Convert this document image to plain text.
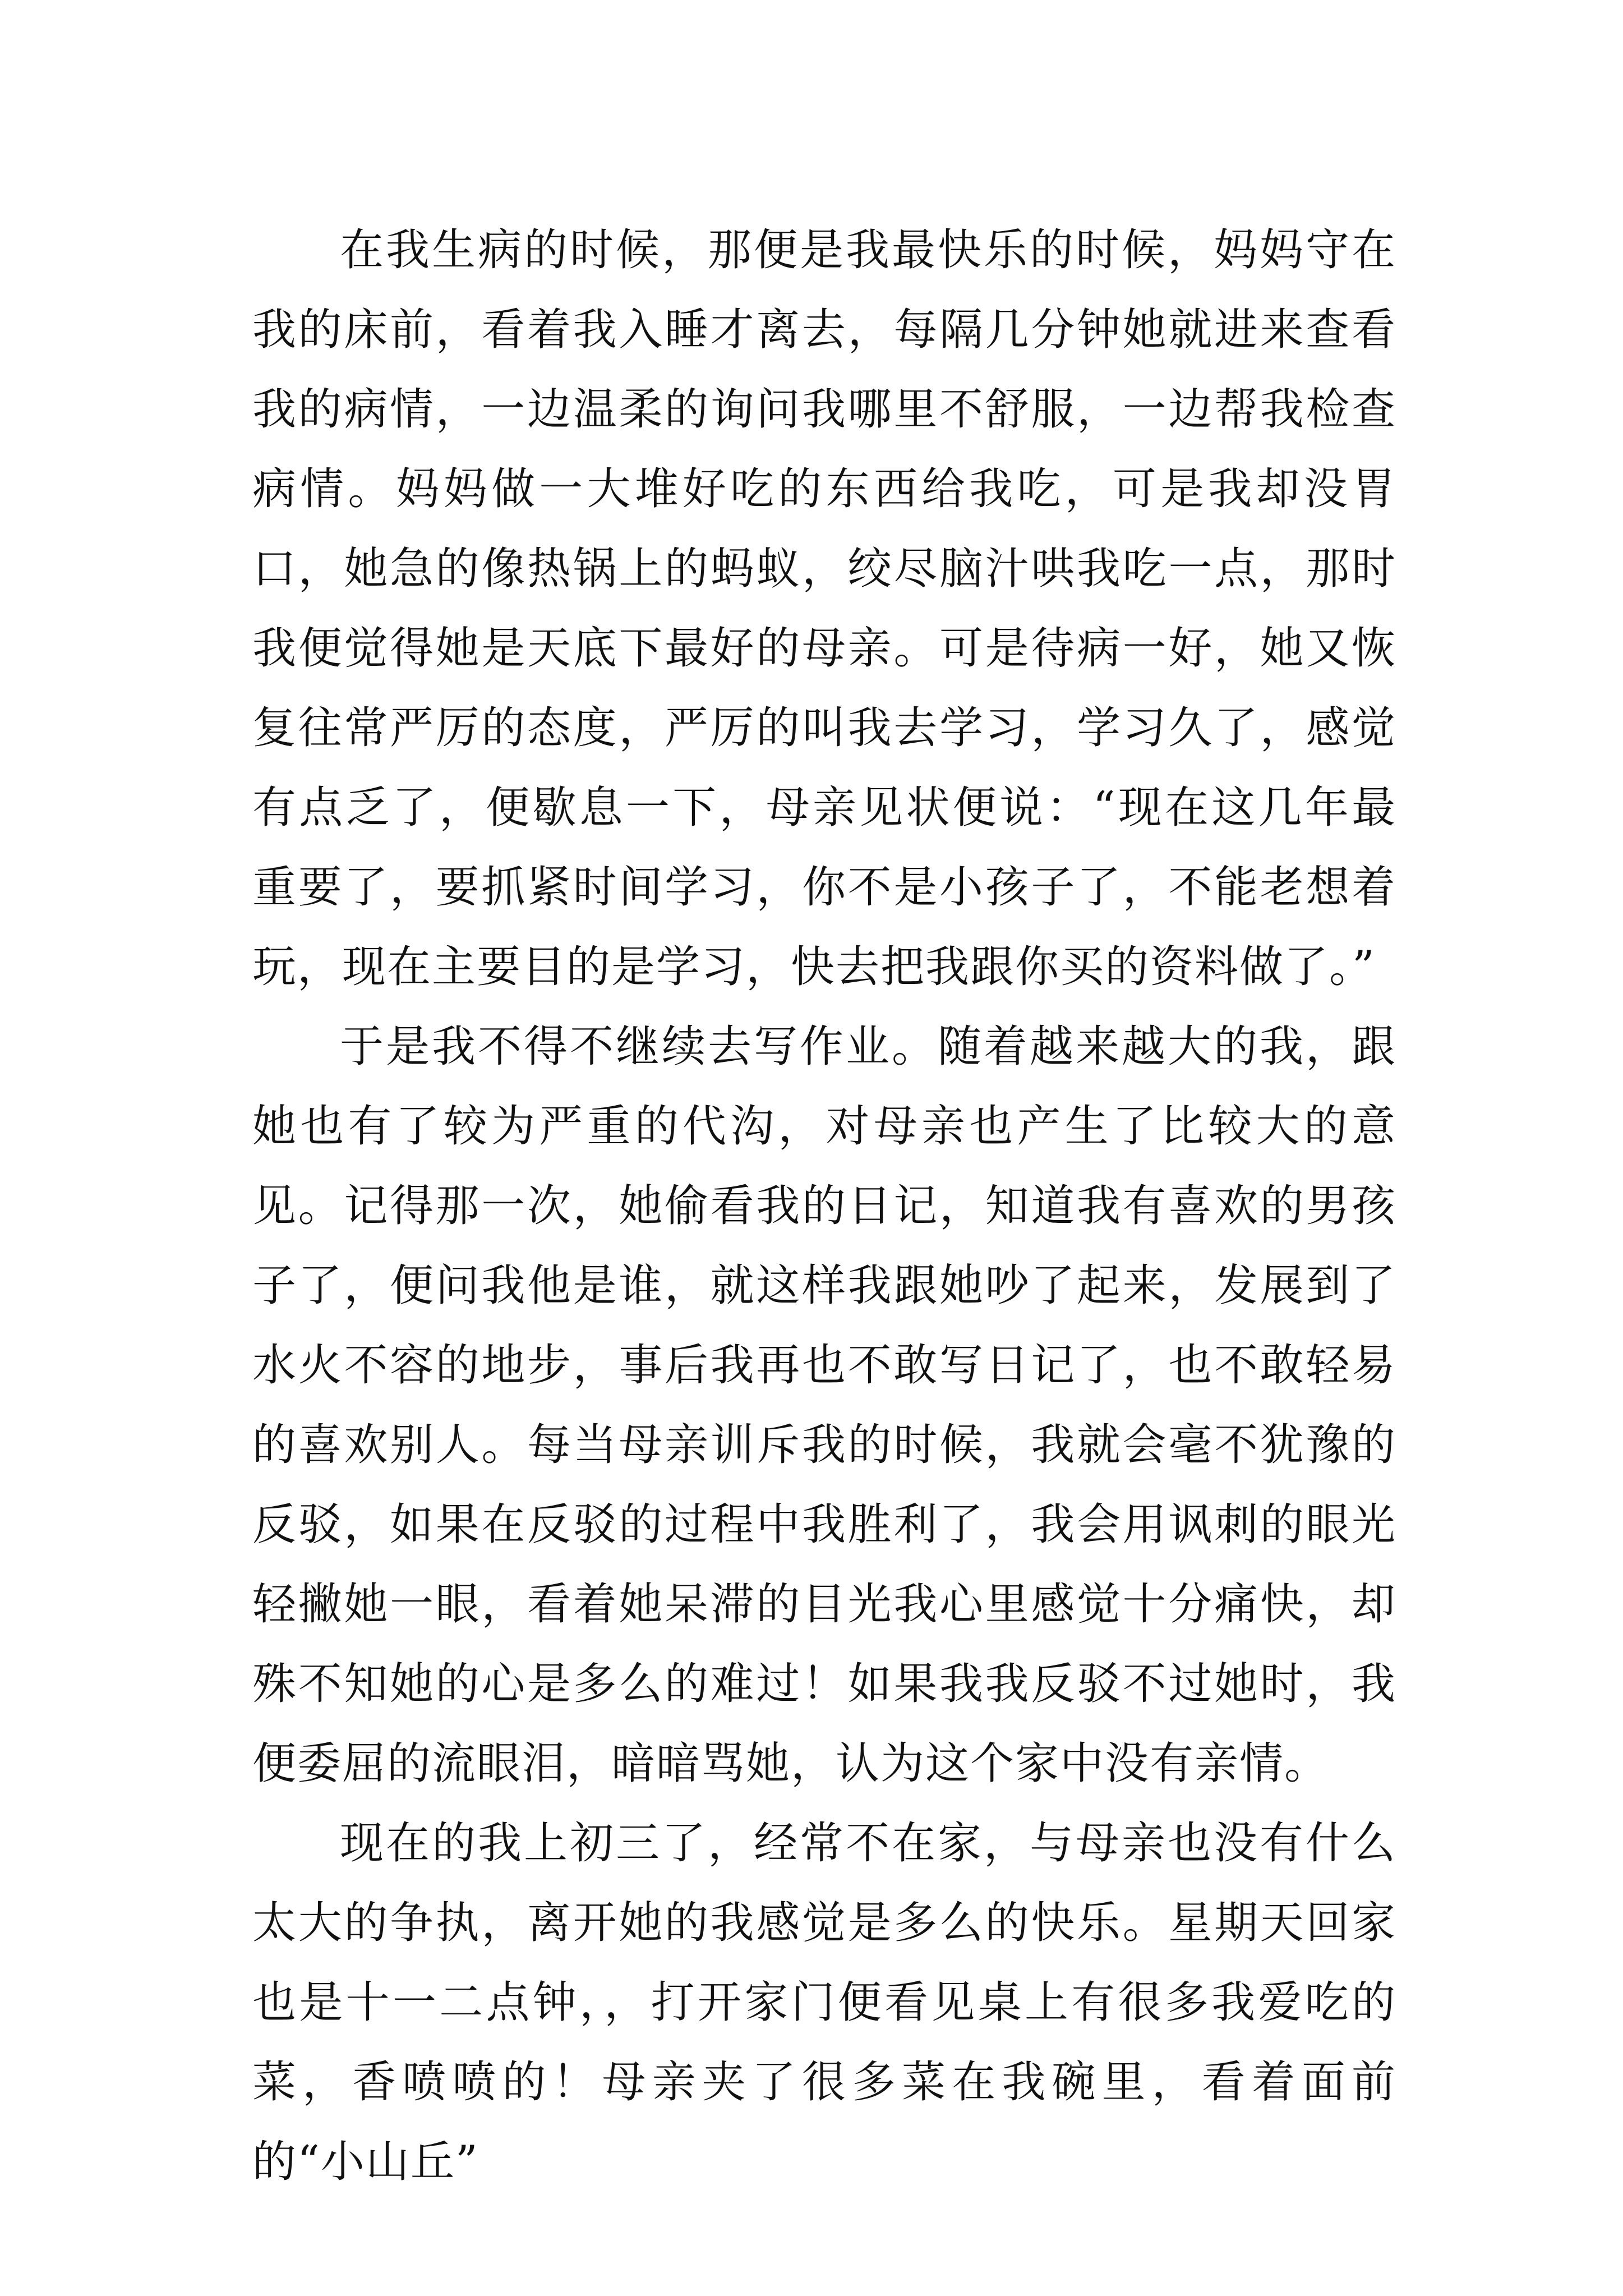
在我生病的时候，那便是我最快乐的时候，妈妈守在我的床前，看着我入睡才离去，每隔几分钟她就进来查看我的病情，一边温柔的询问我哪里不舒服，一边帮我检查病情。妈妈做一大堆好吃的东西给我吃，可是我却没胃口，她急的像热锅上的蚂蚁，绞尽脑汁哄我吃一点，那时我便觉得她是天底下最好的母亲。可是待病一好，她又恢复往常严厉的态度，严厉的叫我去学习，学习久了，感觉有点乏了，便歇息一下，母亲见状便说：“现在这几年最重要了，要抓紧时间学习，你不是小孩子了，不能老想着玩，现在主要目的是学习，快去把我跟你买的资料做了。”

于是我不得不继续去写作业。随着越来越大的我，跟她也有了较为严重的代沟，对母亲也产生了比较大的意见。记得那一次，她偷看我的日记，知道我有喜欢的男孩子了，便问我他是谁，就这样我跟她吵了起来，发展到了水火不容的地步，事后我再也不敢写日记了，也不敢轻易的喜欢别人。每当母亲训斥我的时候，我就会毫不犹豫的反驳，如果在反驳的过程中我胜利了，我会用讽刺的眼光轻撇她一眼，看着她呆滞的目光我心里感觉十分痛快，却殊不知她的心是多么的难过！如果我我反驳不过她时，我便委屈的流眼泪，暗暗骂她，认为这个家中没有亲情。

现在的我上初三了，经常不在家，与母亲也没有什么太大的争执，离开她的我感觉是多么的快乐。星期天回家也是十一二点钟，，打开家门便看见桌上有很多我爱吃的菜，香喷喷的！母亲夹了很多菜在我碗里，看着面前的“小山丘”
